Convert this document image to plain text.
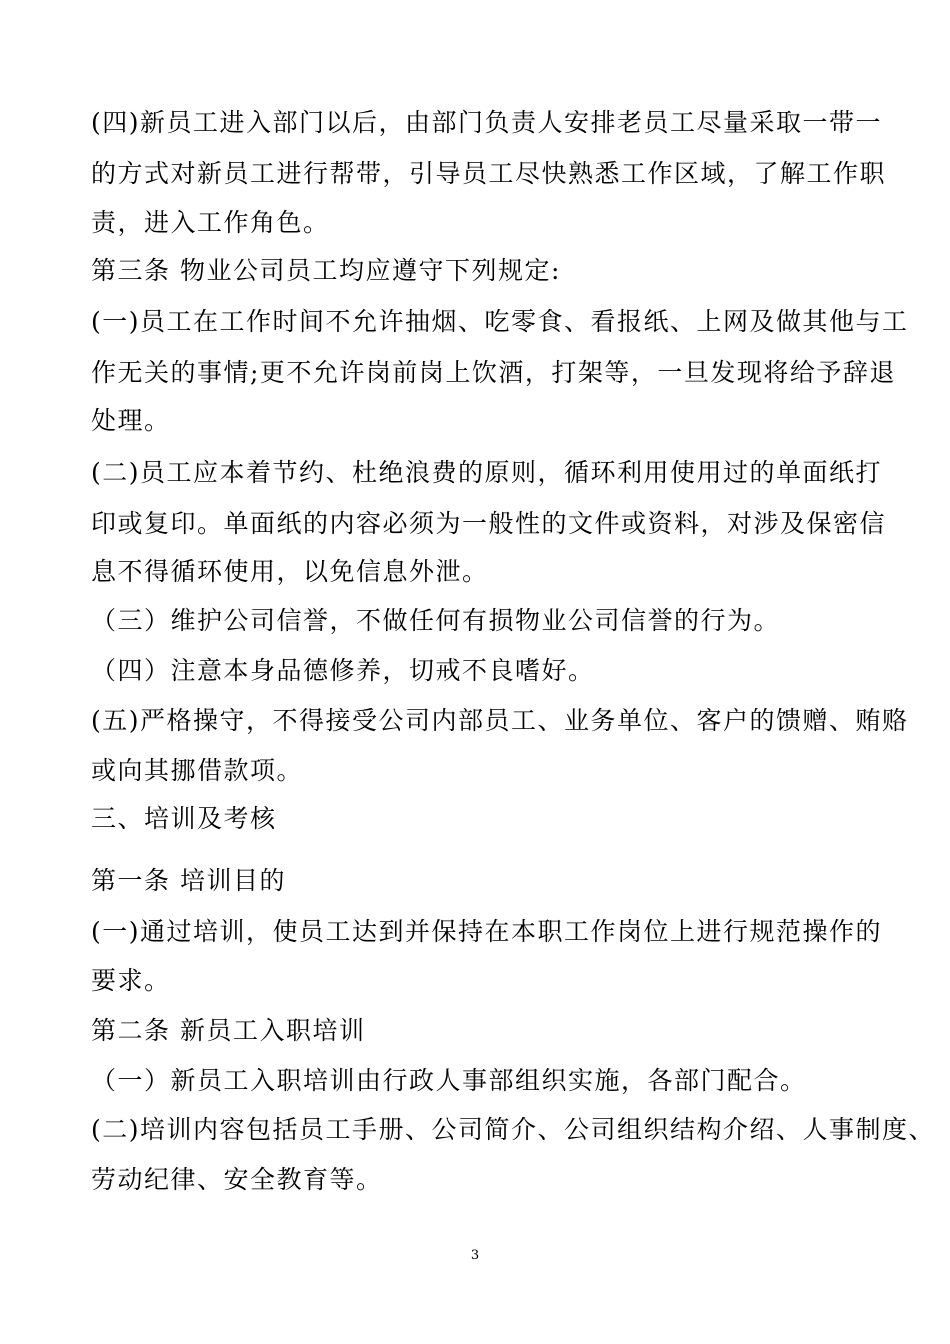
(四)新员工进入部门以后，由部门负责人安排老员工尽量采取一带一
的方式对新员工进行帮带，引导员工尽快熟悉工作区域，了解工作职
责，进入工作角色。
第三条 物业公司员工均应遵守下列规定:
(一)员工在工作时间不允许抽烟、吃零食、看报纸、上网及做其他与工
作无关的事情;更不允许岗前岗上饮酒，打架等，一旦发现将给予辞退
处理。
(二)员工应本着节约、杜绝浪费的原则，循环利用使用过的单面纸打
印或复印。单面纸的内容必须为一般性的文件或资料，对涉及保密信
息不得循环使用，以免信息外泄。
（三）维护公司信誉，不做任何有损物业公司信誉的行为。
（四）注意本身品德修养，切戒不良嗜好。
(五)严格操守，不得接受公司内部员工、业务单位、客户的馈赠、贿赂
或向其挪借款项。
三、培训及考核
第一条 培训目的
(一)通过培训，使员工达到并保持在本职工作岗位上进行规范操作的
要求。
第二条 新员工入职培训
（一）新员工入职培训由行政人事部组织实施，各部门配合。
(二)培训内容包括员工手册、公司简介、公司组织结构介绍、人事制度、
劳动纪律、安全教育等。
3
